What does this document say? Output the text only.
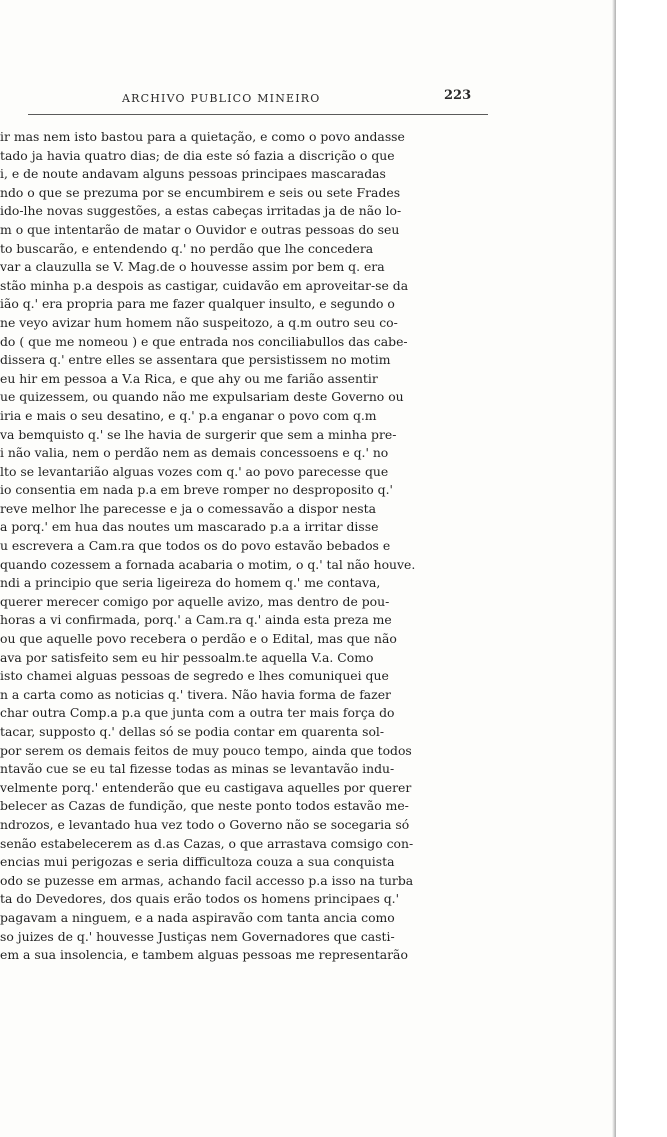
ARCHIVO PUBLICO MINEIRO	223
ir mas nem isto bastou para a quietação, e como o povo andasse
tado ja havia quatro dias; de dia este só fazia a discrição o que
i, e de noute andavam alguns pessoas principaes mascaradas
ndo o que se prezuma por se encumbirem e seis ou sete Frades
ido-lhe novas suggestões, a estas cabeças irritadas ja de não lo-
m o que intentarão de matar o Ouvidor e outras pessoas do seu
to buscarão, e entendendo q.' no perdão que lhe concedera
var a clauzulla se V. Mag.de o houvesse assim por bem q. era
stão minha p.a despois as castigar, cuidavão em aproveitar-se da
ião q.' era propria para me fazer qualquer insulto, e segundo o
ne veyo avizar hum homem não suspeitozo, a q.m outro seu co-
do ( que me nomeou ) e que entrada nos conciliabullos das cabe-
dissera q.' entre elles se assentara que persistissem no motim
eu hir em pessoa a V.a Rica, e que ahy ou me farião assentir
ue quizessem, ou quando não me expulsariam deste Governo ou
iria e mais o seu desatino, e q.' p.a enganar o povo com q.m
va bemquisto q.' se lhe havia de surgerir que sem a minha pre-
i não valia, nem o perdão nem as demais concessoens e q.' no
lto se levantarião alguas vozes com q.' ao povo parecesse que
io consentia em nada p.a em breve romper no desproposito q.'
reve melhor lhe parecesse e ja o comessavão a dispor nesta
a porq.' em hua das noutes um mascarado p.a a irritar disse
u escrevera a Cam.ra que todos os do povo estavão bebados e
quando cozessem a fornada acabaria o motim, o q.' tal não houve.
ndi a principio que seria ligeireza do homem q.' me contava,
querer merecer comigo por aquelle avizo, mas dentro de pou-
horas a vi confirmada, porq.' a Cam.ra q.' ainda esta preza me
ou que aquelle povo recebera o perdão e o Edital, mas que não
ava por satisfeito sem eu hir pessoalm.te aquella V.a. Como
isto chamei alguas pessoas de segredo e lhes comuniquei que
n a carta como as noticias q.' tivera. Não havia forma de fazer
char outra Comp.a p.a que junta com a outra ter mais força do
tacar, supposto q.' dellas só se podia contar em quarenta sol-
por serem os demais feitos de muy pouco tempo, ainda que todos
ntavão cue se eu tal fizesse todas as minas se levantavão indu-
velmente porq.' entenderão que eu castigava aquelles por querer
belecer as Cazas de fundição, que neste ponto todos estavão me-
ndrozos, e levantado hua vez todo o Governo não se socegaria só
senão estabelecerem as d.as Cazas, o que arrastava comsigo con-
encias mui perigozas e seria difficultoza couza a sua conquista
odo se puzesse em armas, achando facil accesso p.a isso na turba
ta do Devedores, dos quais erão todos os homens principaes q.'
pagavam a ninguem, e a nada aspiravão com tanta ancia como
so juizes de q.' houvesse Justiças nem Governadores que casti-
em a sua insolencia, e tambem alguas pessoas me representarão
